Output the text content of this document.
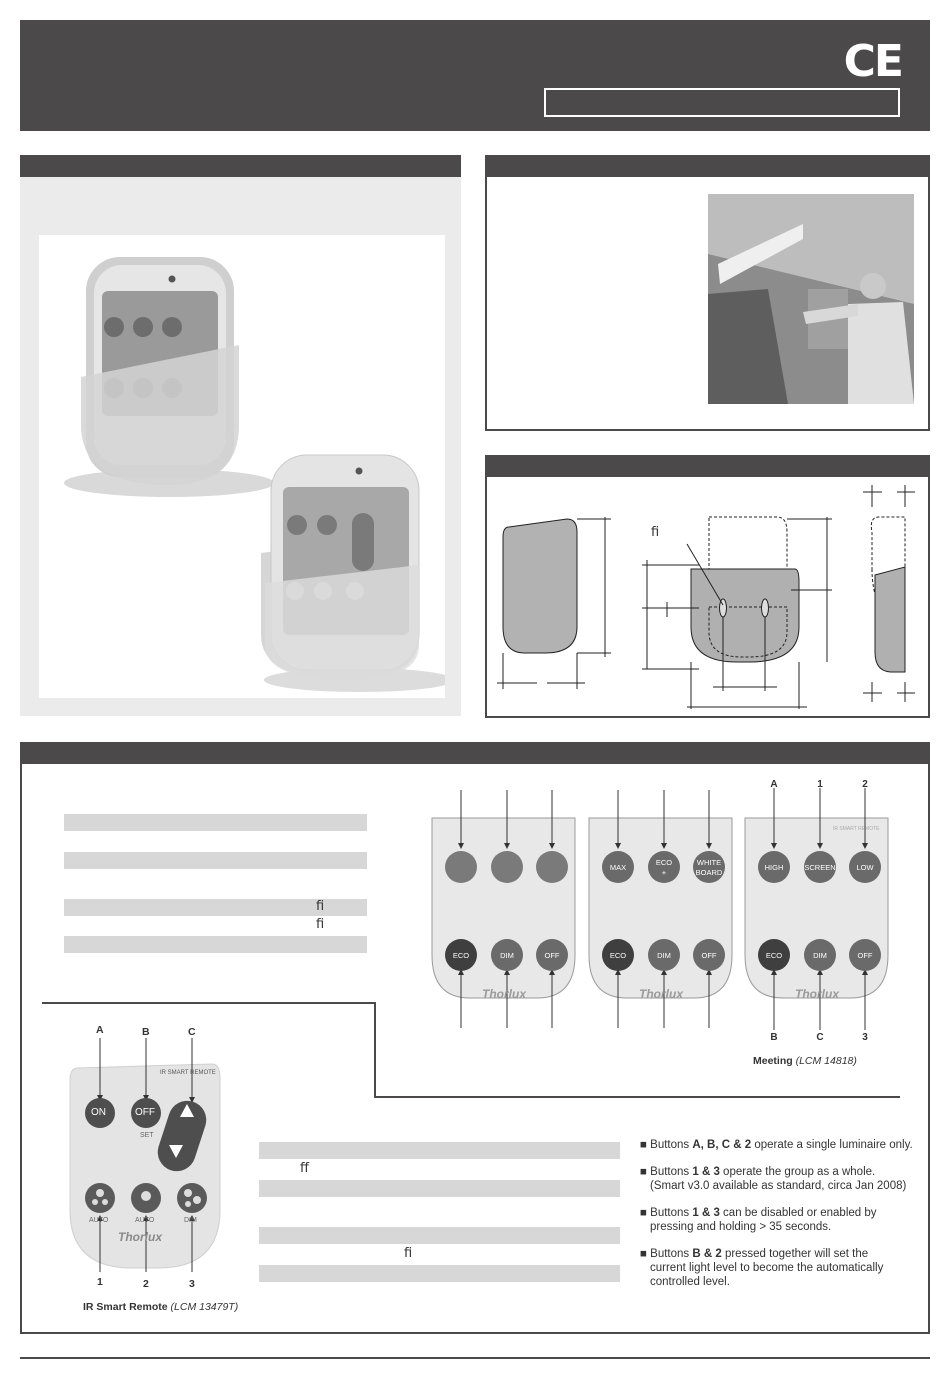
CE
ﬁ
ﬁ
ﬁ
ECO	DIM	OFF
Thorlux
MAX
ECO
ECO
+
DIM
WHITE
BOARD
OFF
Thorlux
HIGH
ECO
SCREEN
DIM
LOW
OFF
Thorlux
IR SMART REMOTE
A	1	2
B	C	3
Meeting (LCM 14818)
A	B	C
IR SMART REMOTE
ON	OFF
SET
AUTO	AUTO	DIM
Thorlux
1	2	3
IR Smart Remote (LCM 13479T)
ﬀ
ﬁ

■ Buttons A, B, C & 2 operate a single luminaire only.

■ Buttons 1 & 3 operate the group as a whole.
(Smart v3.0 available as standard, circa Jan 2008)

■ Buttons 1 & 3 can be disabled or enabled by
pressing and holding > 35 seconds.

■ Buttons B & 2 pressed together will set the
current light level to become the automatically
controlled level.
